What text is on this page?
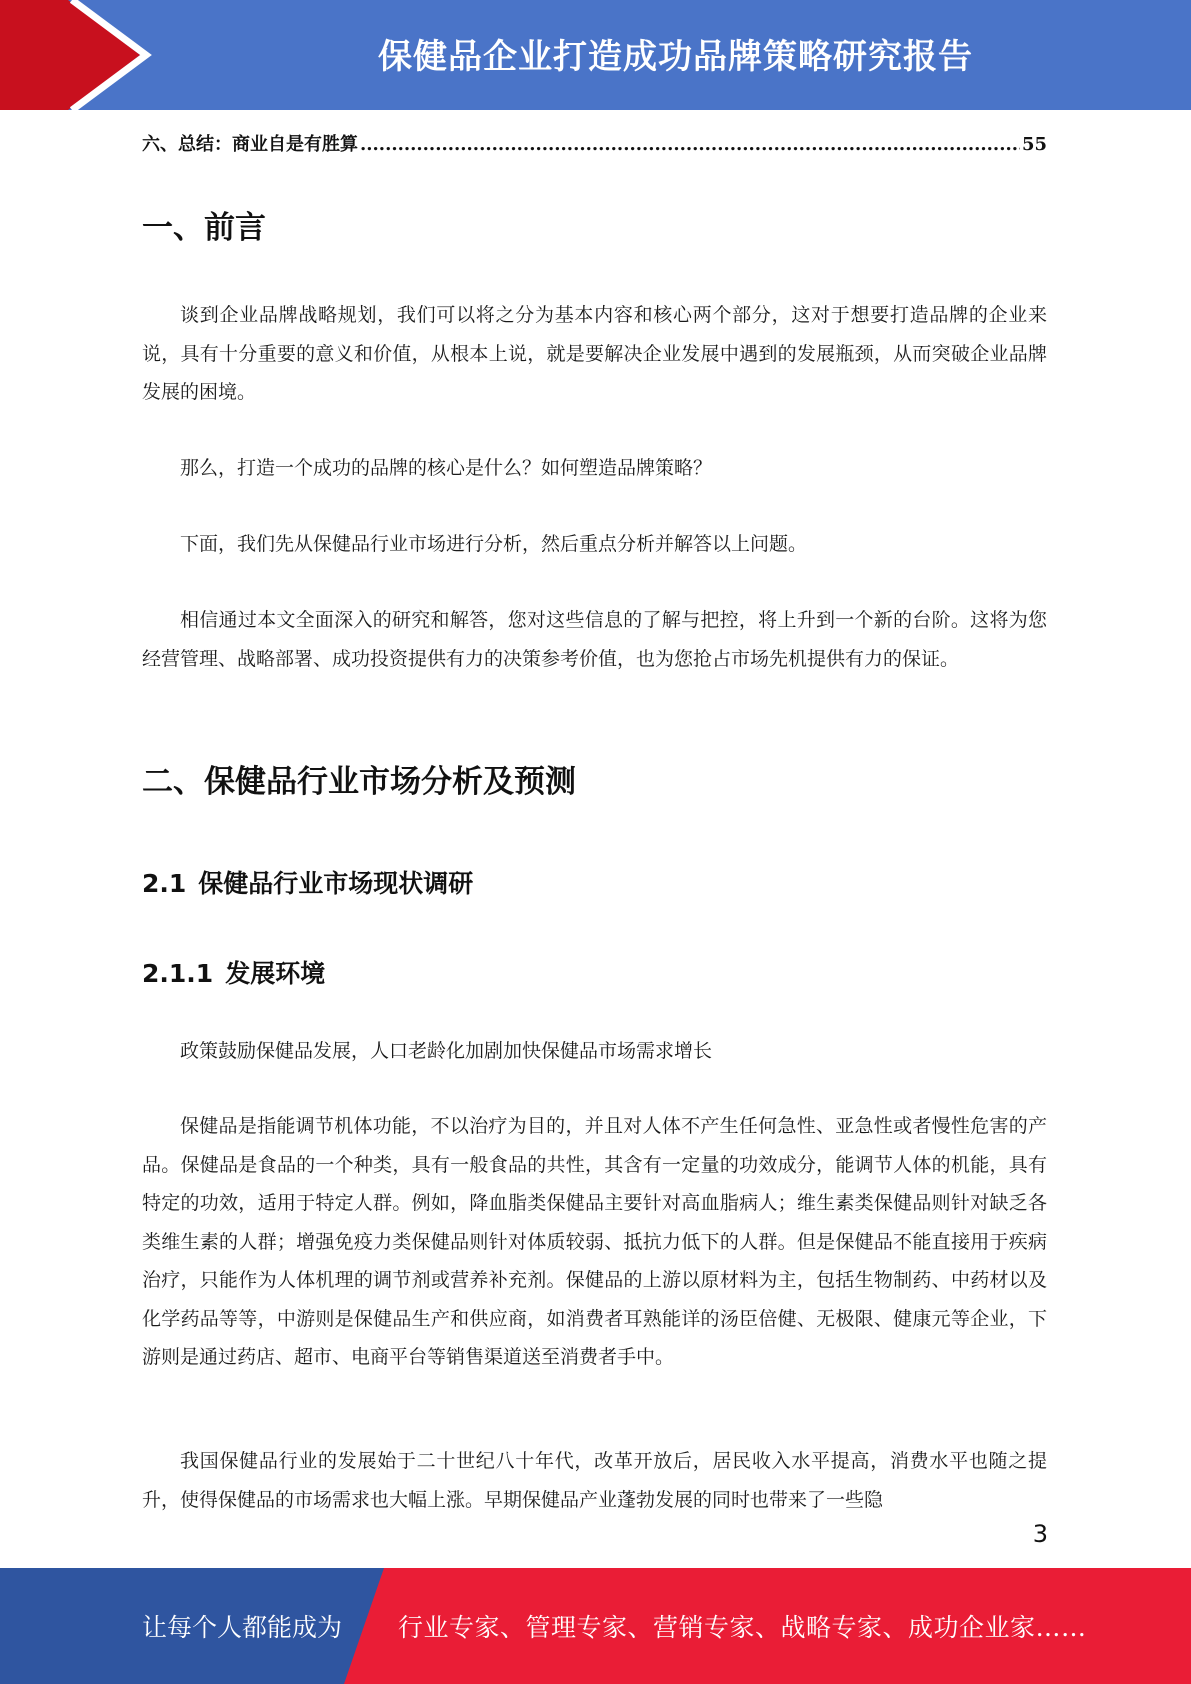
保健品企业打造成功品牌策略研究报告
六、总结：商业自是有胜算
.....	55
一、前言
谈到企业品牌战略规划，我们可以将之分为基本内容和核心两个部分，这对于想要打造品牌的企业来说，具有十分重要的意义和价值，从根本上说，就是要解决企业发展中遇到的发展瓶颈，从而突破企业品牌发展的困境。
那么，打造一个成功的品牌的核心是什么？如何塑造品牌策略？
下面，我们先从保健品行业市场进行分析，然后重点分析并解答以上问题。
相信通过本文全面深入的研究和解答，您对这些信息的了解与把控，将上升到一个新的台阶。这将为您经营管理、战略部署、成功投资提供有力的决策参考价值，也为您抢占市场先机提供有力的保证。
二、保健品行业市场分析及预测
2.1 保健品行业市场现状调研
2.1.1 发展环境
政策鼓励保健品发展，人口老龄化加剧加快保健品市场需求增长
保健品是指能调节机体功能，不以治疗为目的，并且对人体不产生任何急性、亚急性或者慢性危害的产品。保健品是食品的一个种类，具有一般食品的共性，其含有一定量的功效成分，能调节人体的机能，具有特定的功效，适用于特定人群。例如，降血脂类保健品主要针对高血脂病人；维生素类保健品则针对缺乏各类维生素的人群；增强免疫力类保健品则针对体质较弱、抵抗力低下的人群。但是保健品不能直接用于疾病治疗，只能作为人体机理的调节剂或营养补充剂。保健品的上游以原材料为主，包括生物制药、中药材以及化学药品等等，中游则是保健品生产和供应商，如消费者耳熟能详的汤臣倍健、无极限、健康元等企业，下游则是通过药店、超市、电商平台等销售渠道送至消费者手中。
我国保健品行业的发展始于二十世纪八十年代，改革开放后，居民收入水平提高，消费水平也随之提升，使得保健品的市场需求也大幅上涨。早期保健品产业蓬勃发展的同时也带来了一些隐
3
让每个人都能成为 行业专家、管理专家、营销专家、战略专家、成功企业家……
